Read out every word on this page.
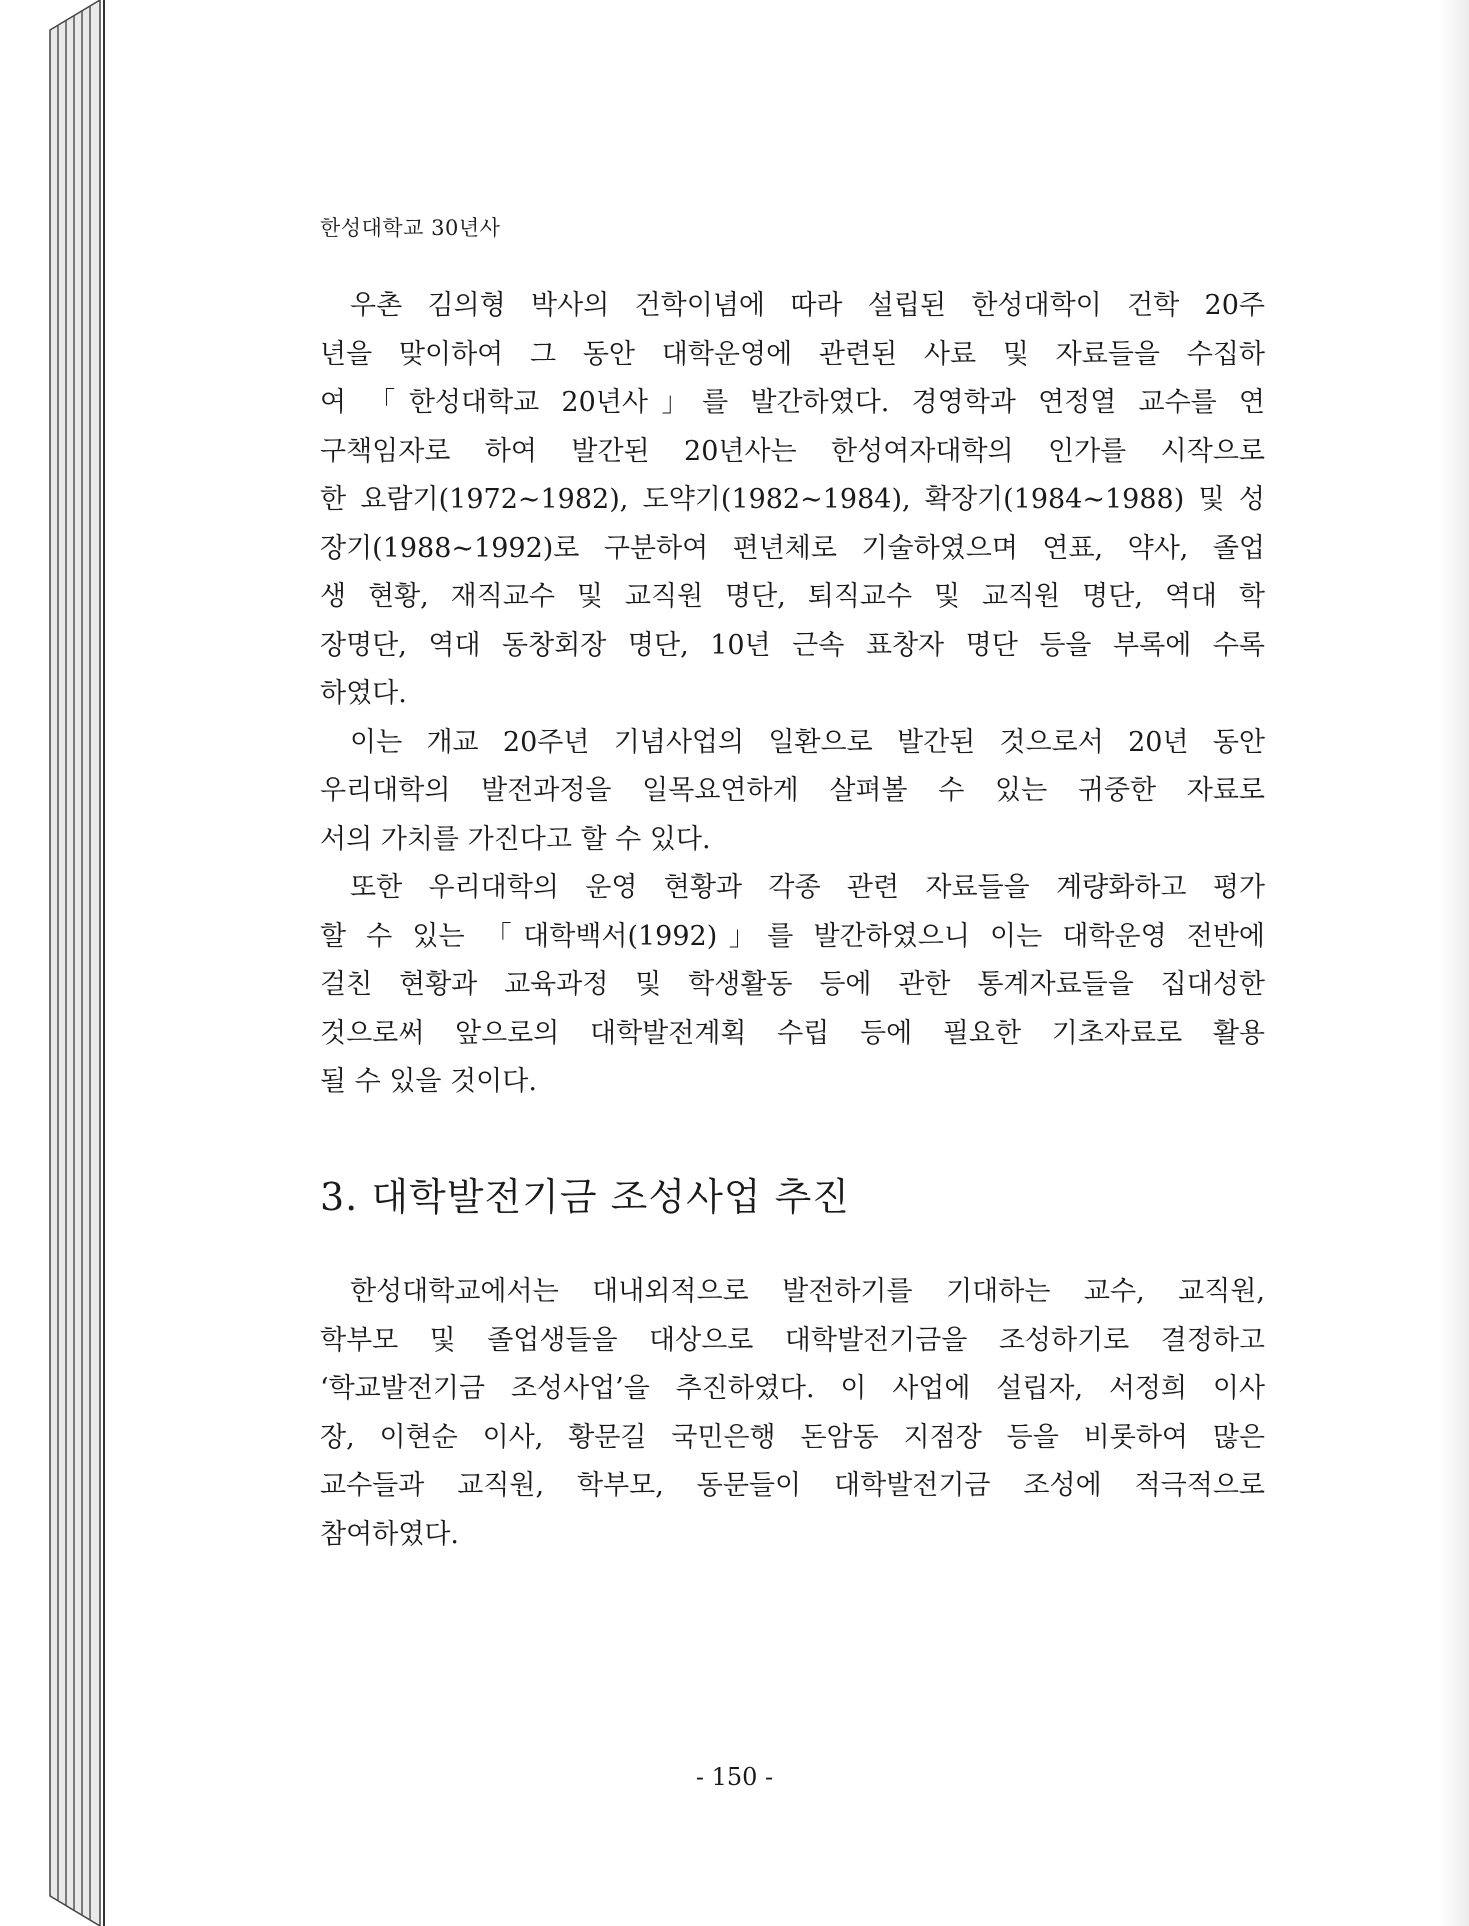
한성대학교 30년사
우촌 김의형 박사의 건학이념에 따라 설립된 한성대학이 건학 20주
년을 맞이하여 그 동안 대학운영에 관련된 사료 및 자료들을 수집하
여 「한성대학교 20년사」를 발간하였다. 경영학과 연정열 교수를 연
구책임자로 하여 발간된 20년사는 한성여자대학의 인가를 시작으로
한 요람기(1972∼1982), 도약기(1982∼1984), 확장기(1984∼1988) 및 성
장기(1988∼1992)로 구분하여 편년체로 기술하였으며 연표, 약사, 졸업
생 현황, 재직교수 및 교직원 명단, 퇴직교수 및 교직원 명단, 역대 학
장명단, 역대 동창회장 명단, 10년 근속 표창자 명단 등을 부록에 수록
하였다.
이는 개교 20주년 기념사업의 일환으로 발간된 것으로서 20년 동안
우리대학의 발전과정을 일목요연하게 살펴볼 수 있는 귀중한 자료로
서의 가치를 가진다고 할 수 있다.
또한 우리대학의 운영 현황과 각종 관련 자료들을 계량화하고 평가
할 수 있는 「대학백서(1992)」를 발간하였으니 이는 대학운영 전반에
걸친 현황과 교육과정 및 학생활동 등에 관한 통계자료들을 집대성한
것으로써 앞으로의 대학발전계획 수립 등에 필요한 기초자료로 활용
될 수 있을 것이다.
3. 대학발전기금 조성사업 추진
한성대학교에서는 대내외적으로 발전하기를 기대하는 교수, 교직원,
학부모 및 졸업생들을 대상으로 대학발전기금을 조성하기로 결정하고
‘학교발전기금 조성사업’을 추진하였다. 이 사업에 설립자, 서정희 이사
장, 이현순 이사, 황문길 국민은행 돈암동 지점장 등을 비롯하여 많은
교수들과 교직원, 학부모, 동문들이 대학발전기금 조성에 적극적으로
참여하였다.
- 150 -
